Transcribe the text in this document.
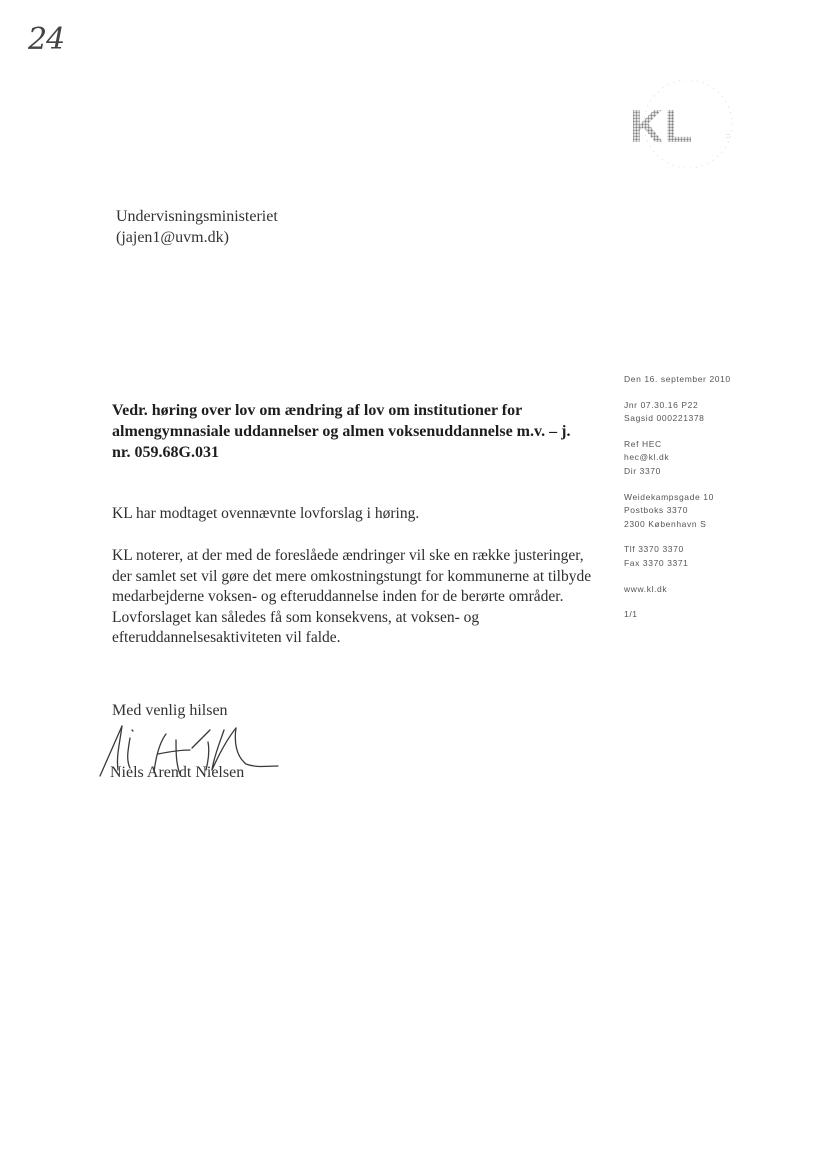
24
KL	::
Undervisningsministeriet
(jajen1@uvm.dk)
Vedr. høring over lov om ændring af lov om institutioner for almengymnasiale uddannelser og almen voksenuddannelse m.v. – j. nr. 059.68G.031
KL har modtaget ovennævnte lovforslag i høring.
KL noterer, at der med de foreslåede ændringer vil ske en række justeringer, der samlet set vil gøre det mere omkostningstungt for kommunerne at tilbyde medarbejderne voksen- og efteruddannelse inden for de berørte områder. Lovforslaget kan således få som konsekvens, at voksen- og efteruddannelsesaktiviteten vil falde.
Den 16. september 2010
Jnr 07.30.16 P22
Sagsid 000221378
Ref HEC
hec@kl.dk
Dir 3370
Weidekampsgade 10
Postboks 3370
2300 København S
Tlf 3370 3370
Fax 3370 3371
www.kl.dk
1/1
Med venlig hilsen
Niels Arendt Nielsen
